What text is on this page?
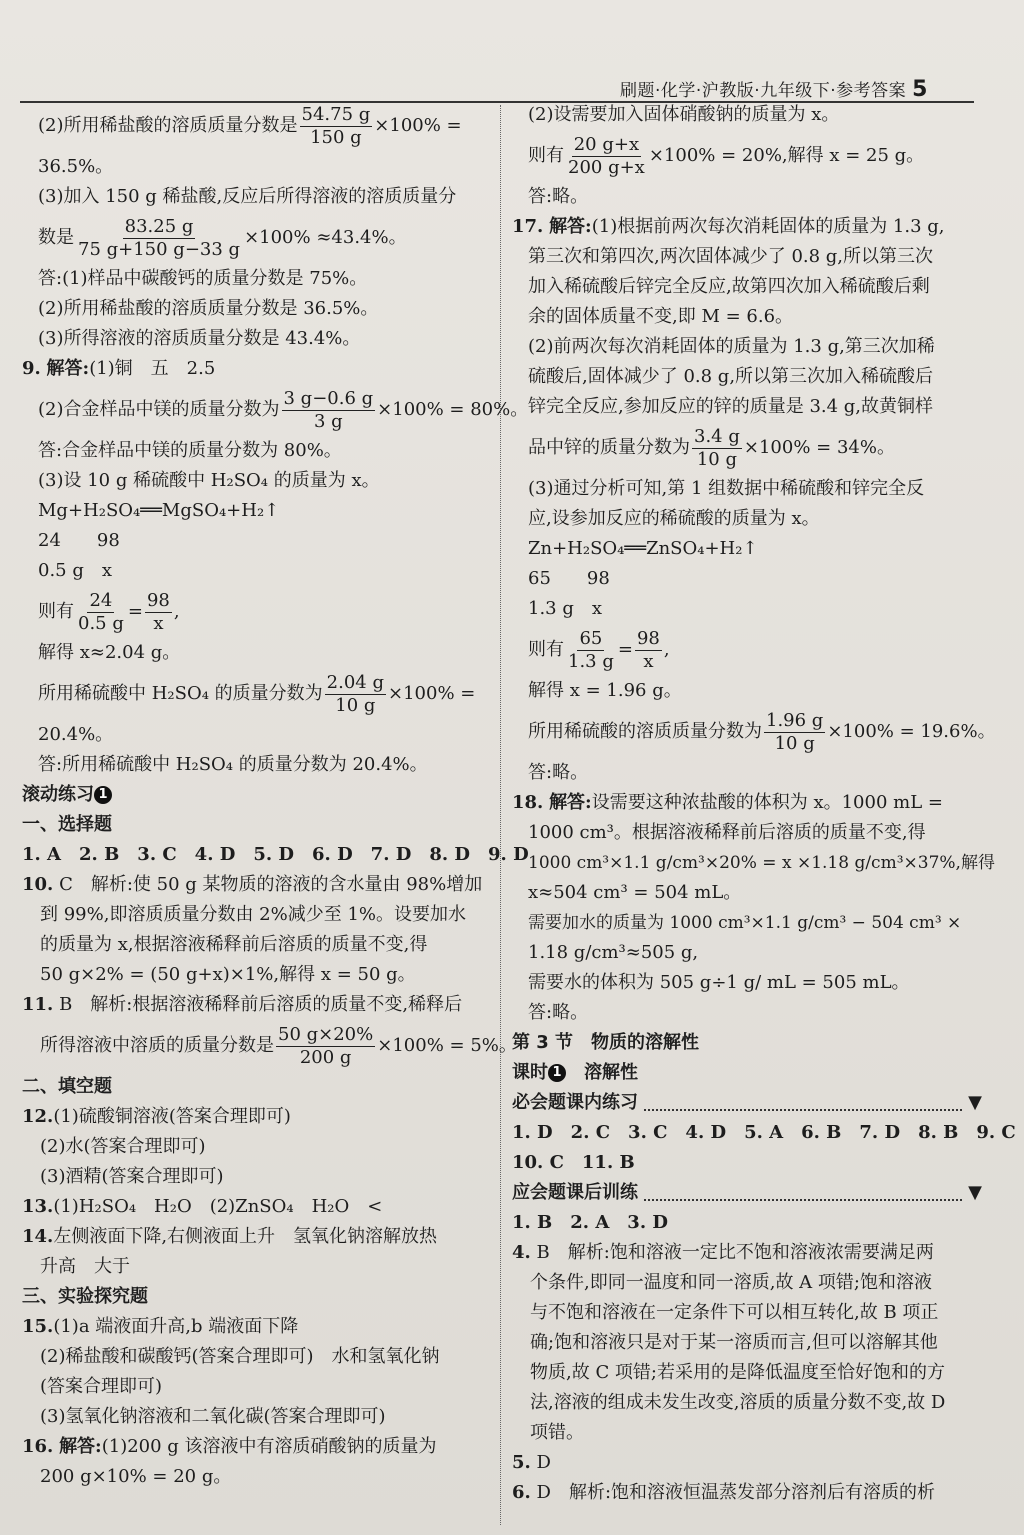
刷题·化学·沪教版·九年级下·参考答案 5
(2)所用稀盐酸的溶质质量分数是 $\frac{54.75 g}{150 g} \times 100\%$ =
36.5%。
(3)加入 150 g 稀盐酸,反应后所得溶液的溶质质量分
数是 $\frac{83.25 g}{75 g+150 g-33 g} \times 100\% \approx 43.4\%$。
答:(1)样品中碳酸钙的质量分数是 75%。
(2)所用稀盐酸的溶质质量分数是 36.5%。
(3)所得溶液的溶质质量分数是 43.4%。
9. 解答:(1)铜　五　2.5
(2)合金样品中镁的质量分数为 $\frac{3 g-0.6 g}{3 g} \times 100\% = 80\%$。
答:合金样品中镁的质量分数为 80%。
(3)设 10 g 稀硫酸中 H₂SO₄ 的质量为 x。
Mg+H₂SO₄══MgSO₄+H₂↑
24　　98
0.5 g　x
则有 $\frac{24}{0.5 g} = \frac{98}{x}$ ,
解得 x≈2.04 g。
所用稀硫酸中 H₂SO₄ 的质量分数为 $\frac{2.04 g}{10 g} \times 100\%$ =
20.4%。
答:所用稀硫酸中 H₂SO₄ 的质量分数为 20.4%。
滚动练习 1
一、选择题
1. A　2. B　3. C　4. D　5. D　6. D　7. D　8. D　9. D
10. C　解析:使 50 g 某物质的溶液的含水量由 98%增加
到 99%,即溶质质量分数由 2%减少至 1%。设要加水
的质量为 x,根据溶液稀释前后溶质的质量不变,得
50 g×2% = (50 g+x)×1%,解得 x = 50 g。
11. B　解析:根据溶液稀释前后溶质的质量不变,稀释后
所得溶液中溶质的质量分数是 $\frac{50 g\times 20\%}{200 g} \times 100\% = 5\%$。
二、填空题
12.(1)硫酸铜溶液(答案合理即可)
(2)水(答案合理即可)
(3)酒精(答案合理即可)
13.(1)H₂SO₄　H₂O　(2)ZnSO₄　H₂O　<
14.左侧液面下降,右侧液面上升　氢氧化钠溶解放热
升高　大于
三、实验探究题
15.(1)a 端液面升高,b 端液面下降
(2)稀盐酸和碳酸钙(答案合理即可)　水和氢氧化钠
(答案合理即可)
(3)氢氧化钠溶液和二氧化碳(答案合理即可)
16. 解答:(1)200 g 该溶液中有溶质硝酸钠的质量为
200 g×10% = 20 g。
(2)设需要加入固体硝酸钠的质量为 x。
则有 $\frac{20 g+x}{200 g+x} \times 100\% = 20\%$,解得 x = 25 g。
答:略。
17. 解答:(1)根据前两次每次消耗固体的质量为 1.3 g,
第三次和第四次,两次固体减少了 0.8 g,所以第三次
加入稀硫酸后锌完全反应,故第四次加入稀硫酸后剩
余的固体质量不变,即 M = 6.6。
(2)前两次每次消耗固体的质量为 1.3 g,第三次加稀
硫酸后,固体减少了 0.8 g,所以第三次加入稀硫酸后
锌完全反应,参加反应的锌的质量是 3.4 g,故黄铜样
品中锌的质量分数为 $\frac{3.4 g}{10 g} \times 100\% = 34\%$。
(3)通过分析可知,第 1 组数据中稀硫酸和锌完全反
应,设参加反应的稀硫酸的质量为 x。
Zn+H₂SO₄══ZnSO₄+H₂↑
65　　98
1.3 g　x
则有 $\frac{65}{1.3 g} = \frac{98}{x}$ ,
解得 x = 1.96 g。
所用稀硫酸的溶质质量分数为 $\frac{1.96 g}{10 g} \times 100\% = 19.6\%$。
答:略。
18. 解答:设需要这种浓盐酸的体积为 x。1000 mL =
1000 cm³。根据溶液稀释前后溶质的质量不变,得
1000 cm³×1.1 g/cm³×20% = x ×1.18 g/cm³×37%,解得
x≈504 cm³ = 504 mL。
需要加水的质量为 1000 cm³×1.1 g/cm³ − 504 cm³ ×
1.18 g/cm³≈505 g,
需要水的体积为 505 g÷1 g/ mL = 505 mL。
答:略。
第 3 节　物质的溶解性
课时 1　 溶解性
必会题课内练习	▼
1. D　2. C　3. C　4. D　5. A　6. B　7. D　8. B　9. C
10. C　11. B
应会题课后训练	▼
1. B　2. A　3. D
4. B　解析:饱和溶液一定比不饱和溶液浓需要满足两
个条件,即同一温度和同一溶质,故 A 项错;饱和溶液
与不饱和溶液在一定条件下可以相互转化,故 B 项正
确;饱和溶液只是对于某一溶质而言,但可以溶解其他
物质,故 C 项错;若采用的是降低温度至恰好饱和的方
法,溶液的组成未发生改变,溶质的质量分数不变,故 D
项错。
5. D
6. D　解析:饱和溶液恒温蒸发部分溶剂后有溶质的析
